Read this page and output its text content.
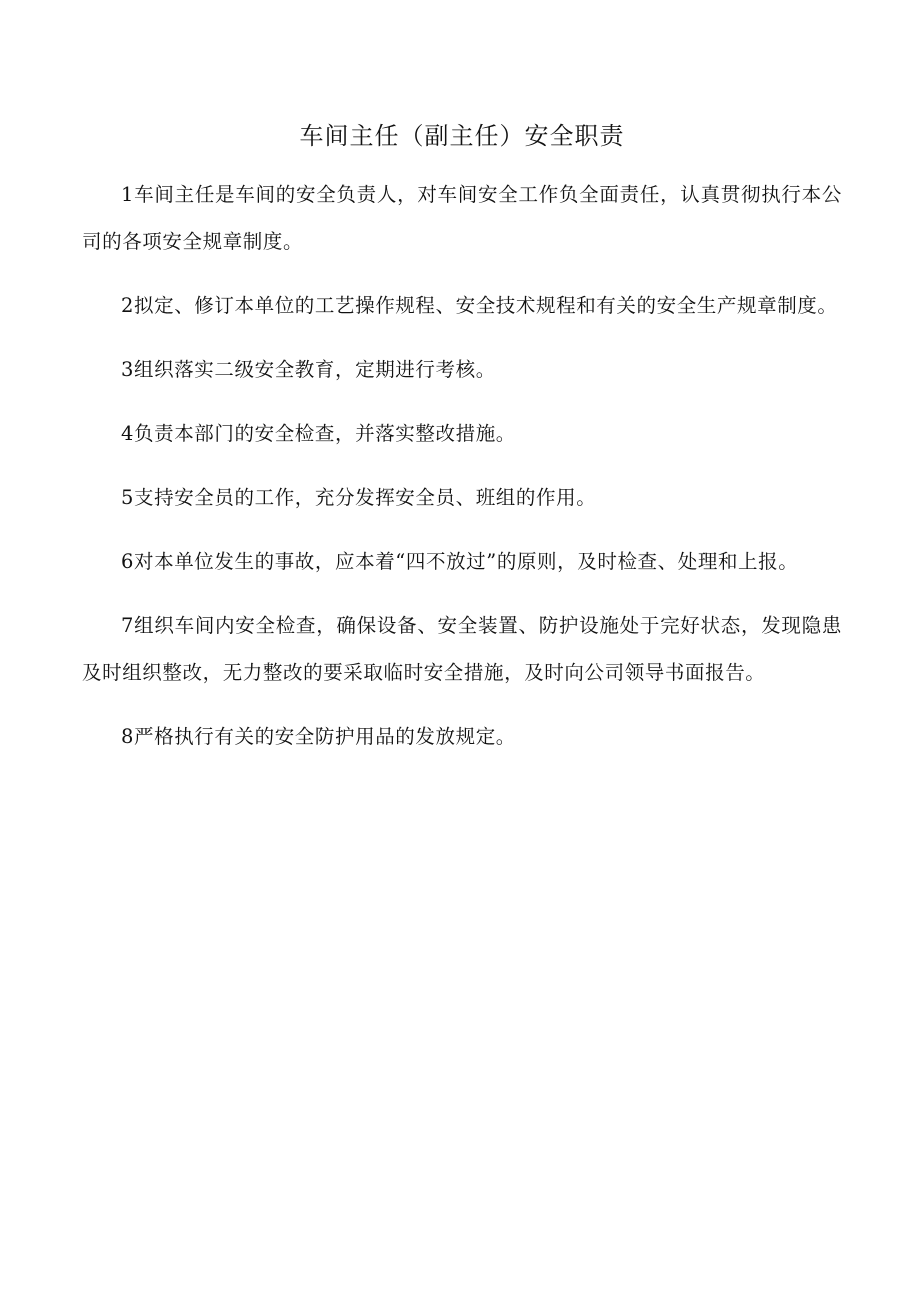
车间主任（副主任）安全职责

1车间主任是车间的安全负责人，对车间安全工作负全面责任，认真贯彻执行本公司的各项安全规章制度。

2拟定、修订本单位的工艺操作规程、安全技术规程和有关的安全生产规章制度。

3组织落实二级安全教育，定期进行考核。

4负责本部门的安全检查，并落实整改措施。

5支持安全员的工作，充分发挥安全员、班组的作用。

6对本单位发生的事故，应本着“四不放过”的原则，及时检查、处理和上报。

7组织车间内安全检查，确保设备、安全装置、防护设施处于完好状态，发现隐患及时组织整改，无力整改的要采取临时安全措施，及时向公司领导书面报告。

8严格执行有关的安全防护用品的发放规定。
